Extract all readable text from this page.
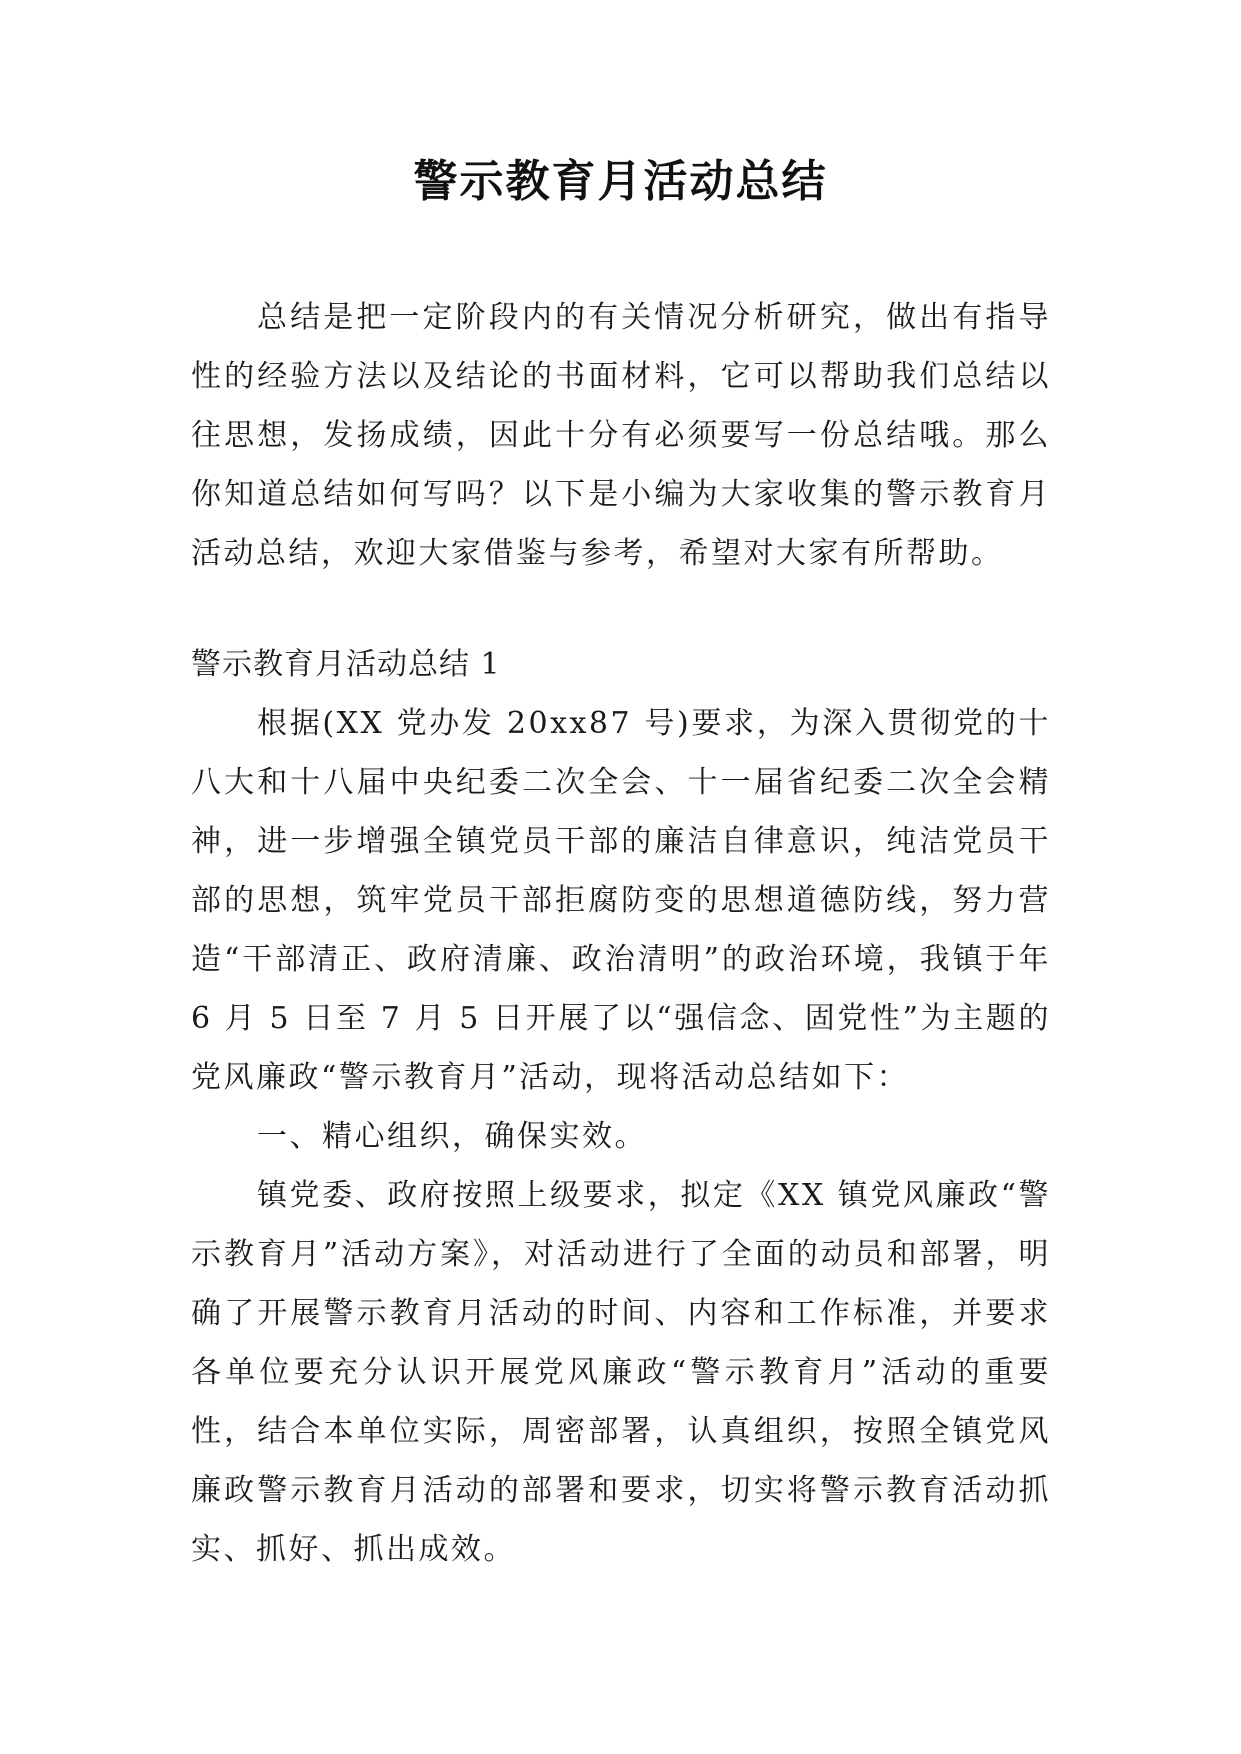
警示教育月活动总结

总结是把一定阶段内的有关情况分析研究，做出有指导性的经验方法以及结论的书面材料，它可以帮助我们总结以往思想，发扬成绩，因此十分有必须要写一份总结哦。那么你知道总结如何写吗？以下是小编为大家收集的警示教育月活动总结，欢迎大家借鉴与参考，希望对大家有所帮助。

警示教育月活动总结 1

根据(XX 党办发 20xx87 号)要求，为深入贯彻党的十八大和十八届中央纪委二次全会、十一届省纪委二次全会精神，进一步增强全镇党员干部的廉洁自律意识，纯洁党员干部的思想，筑牢党员干部拒腐防变的思想道德防线，努力营造“干部清正、政府清廉、政治清明”的政治环境，我镇于年6 月 5 日至 7 月 5 日开展了以“强信念、固党性”为主题的党风廉政“警示教育月”活动，现将活动总结如下：

一、精心组织，确保实效。

镇党委、政府按照上级要求，拟定《XX 镇党风廉政“警示教育月”活动方案》，对活动进行了全面的动员和部署，明确了开展警示教育月活动的时间、内容和工作标准，并要求各单位要充分认识开展党风廉政“警示教育月”活动的重要性，结合本单位实际，周密部署，认真组织，按照全镇党风廉政警示教育月活动的部署和要求，切实将警示教育活动抓实、抓好、抓出成效。
